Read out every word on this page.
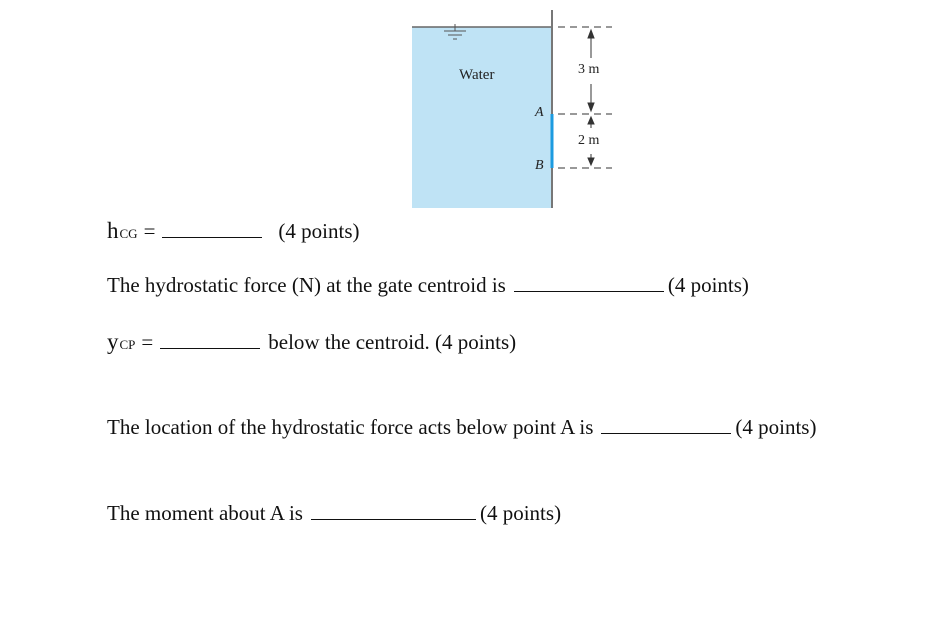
Water
A
B
3 m
2 m
h CG =	(4 points)
The hydrostatic force (N) at the gate centroid is	(4 points)
y CP =	below the centroid. (4 points)
The location of the hydrostatic force acts below point A is	(4 points)
The moment about A is	(4 points)
